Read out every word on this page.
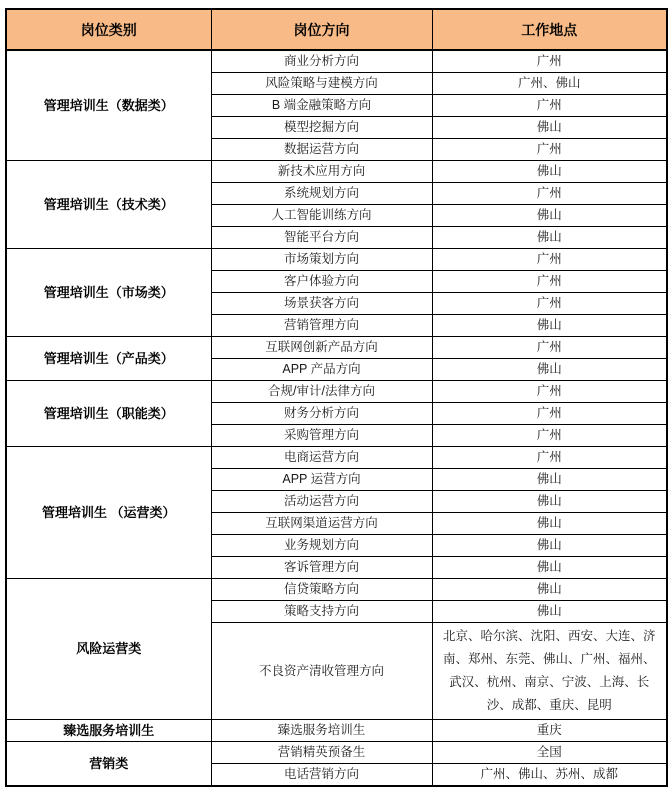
岗位类别	岗位方向	工作地点
管理培训生（数据类）	商业分析方向	广州
	风险策略与建模方向	广州、佛山
	B 端金融策略方向	广州
	模型挖掘方向	佛山
	数据运营方向	广州
管理培训生（技术类）	新技术应用方向	佛山
	系统规划方向	广州
	人工智能训练方向	佛山
	智能平台方向	佛山
管理培训生（市场类）	市场策划方向	广州
	客户体验方向	广州
	场景获客方向	广州
	营销管理方向	佛山
管理培训生（产品类）	互联网创新产品方向	广州
	APP 产品方向	佛山
管理培训生（职能类）	合规/审计/法律方向	广州
	财务分析方向	广州
	采购管理方向	广州
管理培训生 （运营类）	电商运营方向	广州
	APP 运营方向	佛山
	活动运营方向	佛山
	互联网渠道运营方向	佛山
	业务规划方向	佛山
	客诉管理方向	佛山
风险运营类	信贷策略方向	佛山
	策略支持方向	佛山
	不良资产清收管理方向	北京、哈尔滨、沈阳、西安、大连、济南、郑州、东莞、佛山、广州、福州、武汉、杭州、南京、宁波、上海、长沙、成都、重庆、昆明
臻选服务培训生	臻选服务培训生	重庆
营销类	营销精英预备生	全国
	电话营销方向	广州、佛山、苏州、成都
